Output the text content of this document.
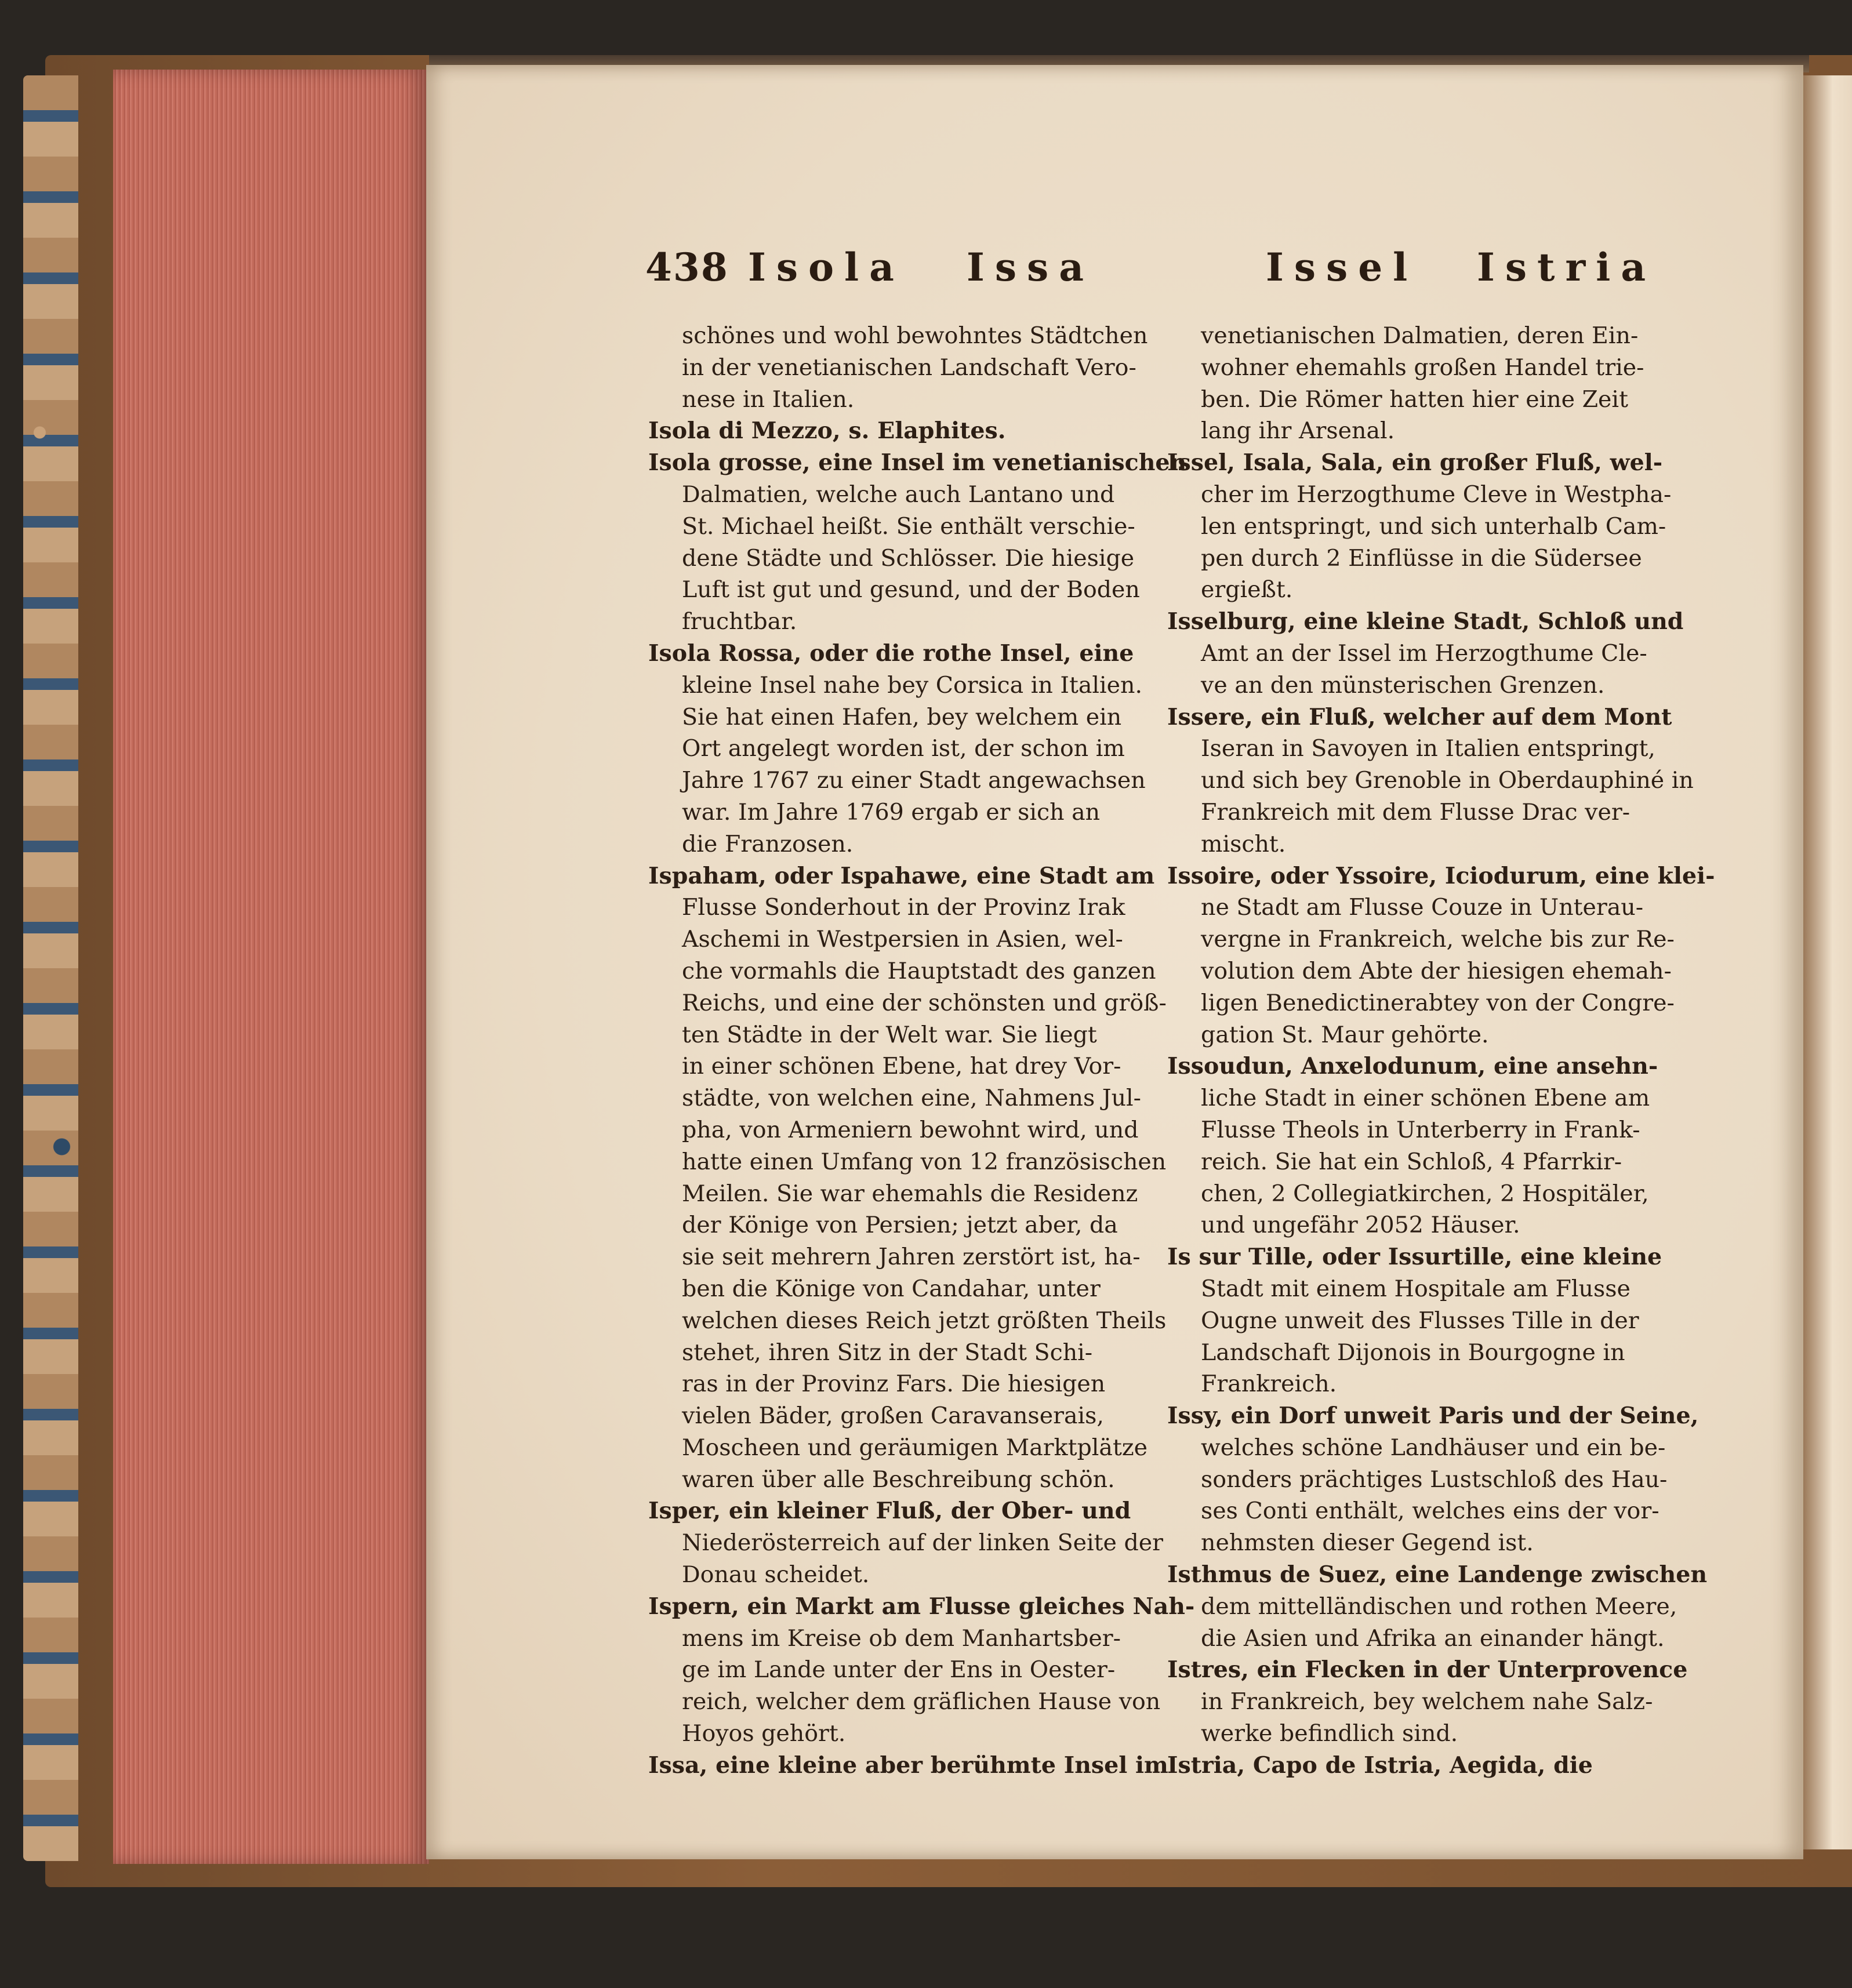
438 Isola Issa	Issel Istria
schönes und wohl bewohntes Städtchen
in der venetianischen Landschaft Vero-
nese in Italien.
Isola di Mezzo, s. Elaphites.
Isola grosse, eine Insel im venetianischen
Dalmatien, welche auch Lantano und
St. Michael heißt. Sie enthält verschie-
dene Städte und Schlösser. Die hiesige
Luft ist gut und gesund, und der Boden
fruchtbar.
Isola Rossa, oder die rothe Insel, eine
kleine Insel nahe bey Corsica in Italien.
Sie hat einen Hafen, bey welchem ein
Ort angelegt worden ist, der schon im
Jahre 1767 zu einer Stadt angewachsen
war. Im Jahre 1769 ergab er sich an
die Franzosen.
Ispaham, oder Ispahawe, eine Stadt am
Flusse Sonderhout in der Provinz Irak
Aschemi in Westpersien in Asien, wel-
che vormahls die Hauptstadt des ganzen
Reichs, und eine der schönsten und größ-
ten Städte in der Welt war. Sie liegt
in einer schönen Ebene, hat drey Vor-
städte, von welchen eine, Nahmens Jul-
pha, von Armeniern bewohnt wird, und
hatte einen Umfang von 12 französischen
Meilen. Sie war ehemahls die Residenz
der Könige von Persien; jetzt aber, da
sie seit mehrern Jahren zerstört ist, ha-
ben die Könige von Candahar, unter
welchen dieses Reich jetzt größten Theils
stehet, ihren Sitz in der Stadt Schi-
ras in der Provinz Fars. Die hiesigen
vielen Bäder, großen Caravanserais,
Moscheen und geräumigen Marktplätze
waren über alle Beschreibung schön.
Isper, ein kleiner Fluß, der Ober- und
Niederösterreich auf der linken Seite der
Donau scheidet.
Ispern, ein Markt am Flusse gleiches Nah-
mens im Kreise ob dem Manhartsber-
ge im Lande unter der Ens in Oester-
reich, welcher dem gräflichen Hause von
Hoyos gehört.
Issa, eine kleine aber berühmte Insel im
venetianischen Dalmatien, deren Ein-
wohner ehemahls großen Handel trie-
ben. Die Römer hatten hier eine Zeit
lang ihr Arsenal.
Issel, Isala, Sala, ein großer Fluß, wel-
cher im Herzogthume Cleve in Westpha-
len entspringt, und sich unterhalb Cam-
pen durch 2 Einflüsse in die Südersee
ergießt.
Isselburg, eine kleine Stadt, Schloß und
Amt an der Issel im Herzogthume Cle-
ve an den münsterischen Grenzen.
Issere, ein Fluß, welcher auf dem Mont
Iseran in Savoyen in Italien entspringt,
und sich bey Grenoble in Oberdauphiné in
Frankreich mit dem Flusse Drac ver-
mischt.
Issoire, oder Yssoire, Iciodurum, eine klei-
ne Stadt am Flusse Couze in Unterau-
vergne in Frankreich, welche bis zur Re-
volution dem Abte der hiesigen ehemah-
ligen Benedictinerabtey von der Congre-
gation St. Maur gehörte.
Issoudun, Anxelodunum, eine ansehn-
liche Stadt in einer schönen Ebene am
Flusse Theols in Unterberry in Frank-
reich. Sie hat ein Schloß, 4 Pfarrkir-
chen, 2 Collegiatkirchen, 2 Hospitäler,
und ungefähr 2052 Häuser.
Is sur Tille, oder Issurtille, eine kleine
Stadt mit einem Hospitale am Flusse
Ougne unweit des Flusses Tille in der
Landschaft Dijonois in Bourgogne in
Frankreich.
Issy, ein Dorf unweit Paris und der Seine,
welches schöne Landhäuser und ein be-
sonders prächtiges Lustschloß des Hau-
ses Conti enthält, welches eins der vor-
nehmsten dieser Gegend ist.
Isthmus de Suez, eine Landenge zwischen
dem mittelländischen und rothen Meere,
die Asien und Afrika an einander hängt.
Istres, ein Flecken in der Unterprovence
in Frankreich, bey welchem nahe Salz-
werke befindlich sind.
Istria, Capo de Istria, Aegida, die
